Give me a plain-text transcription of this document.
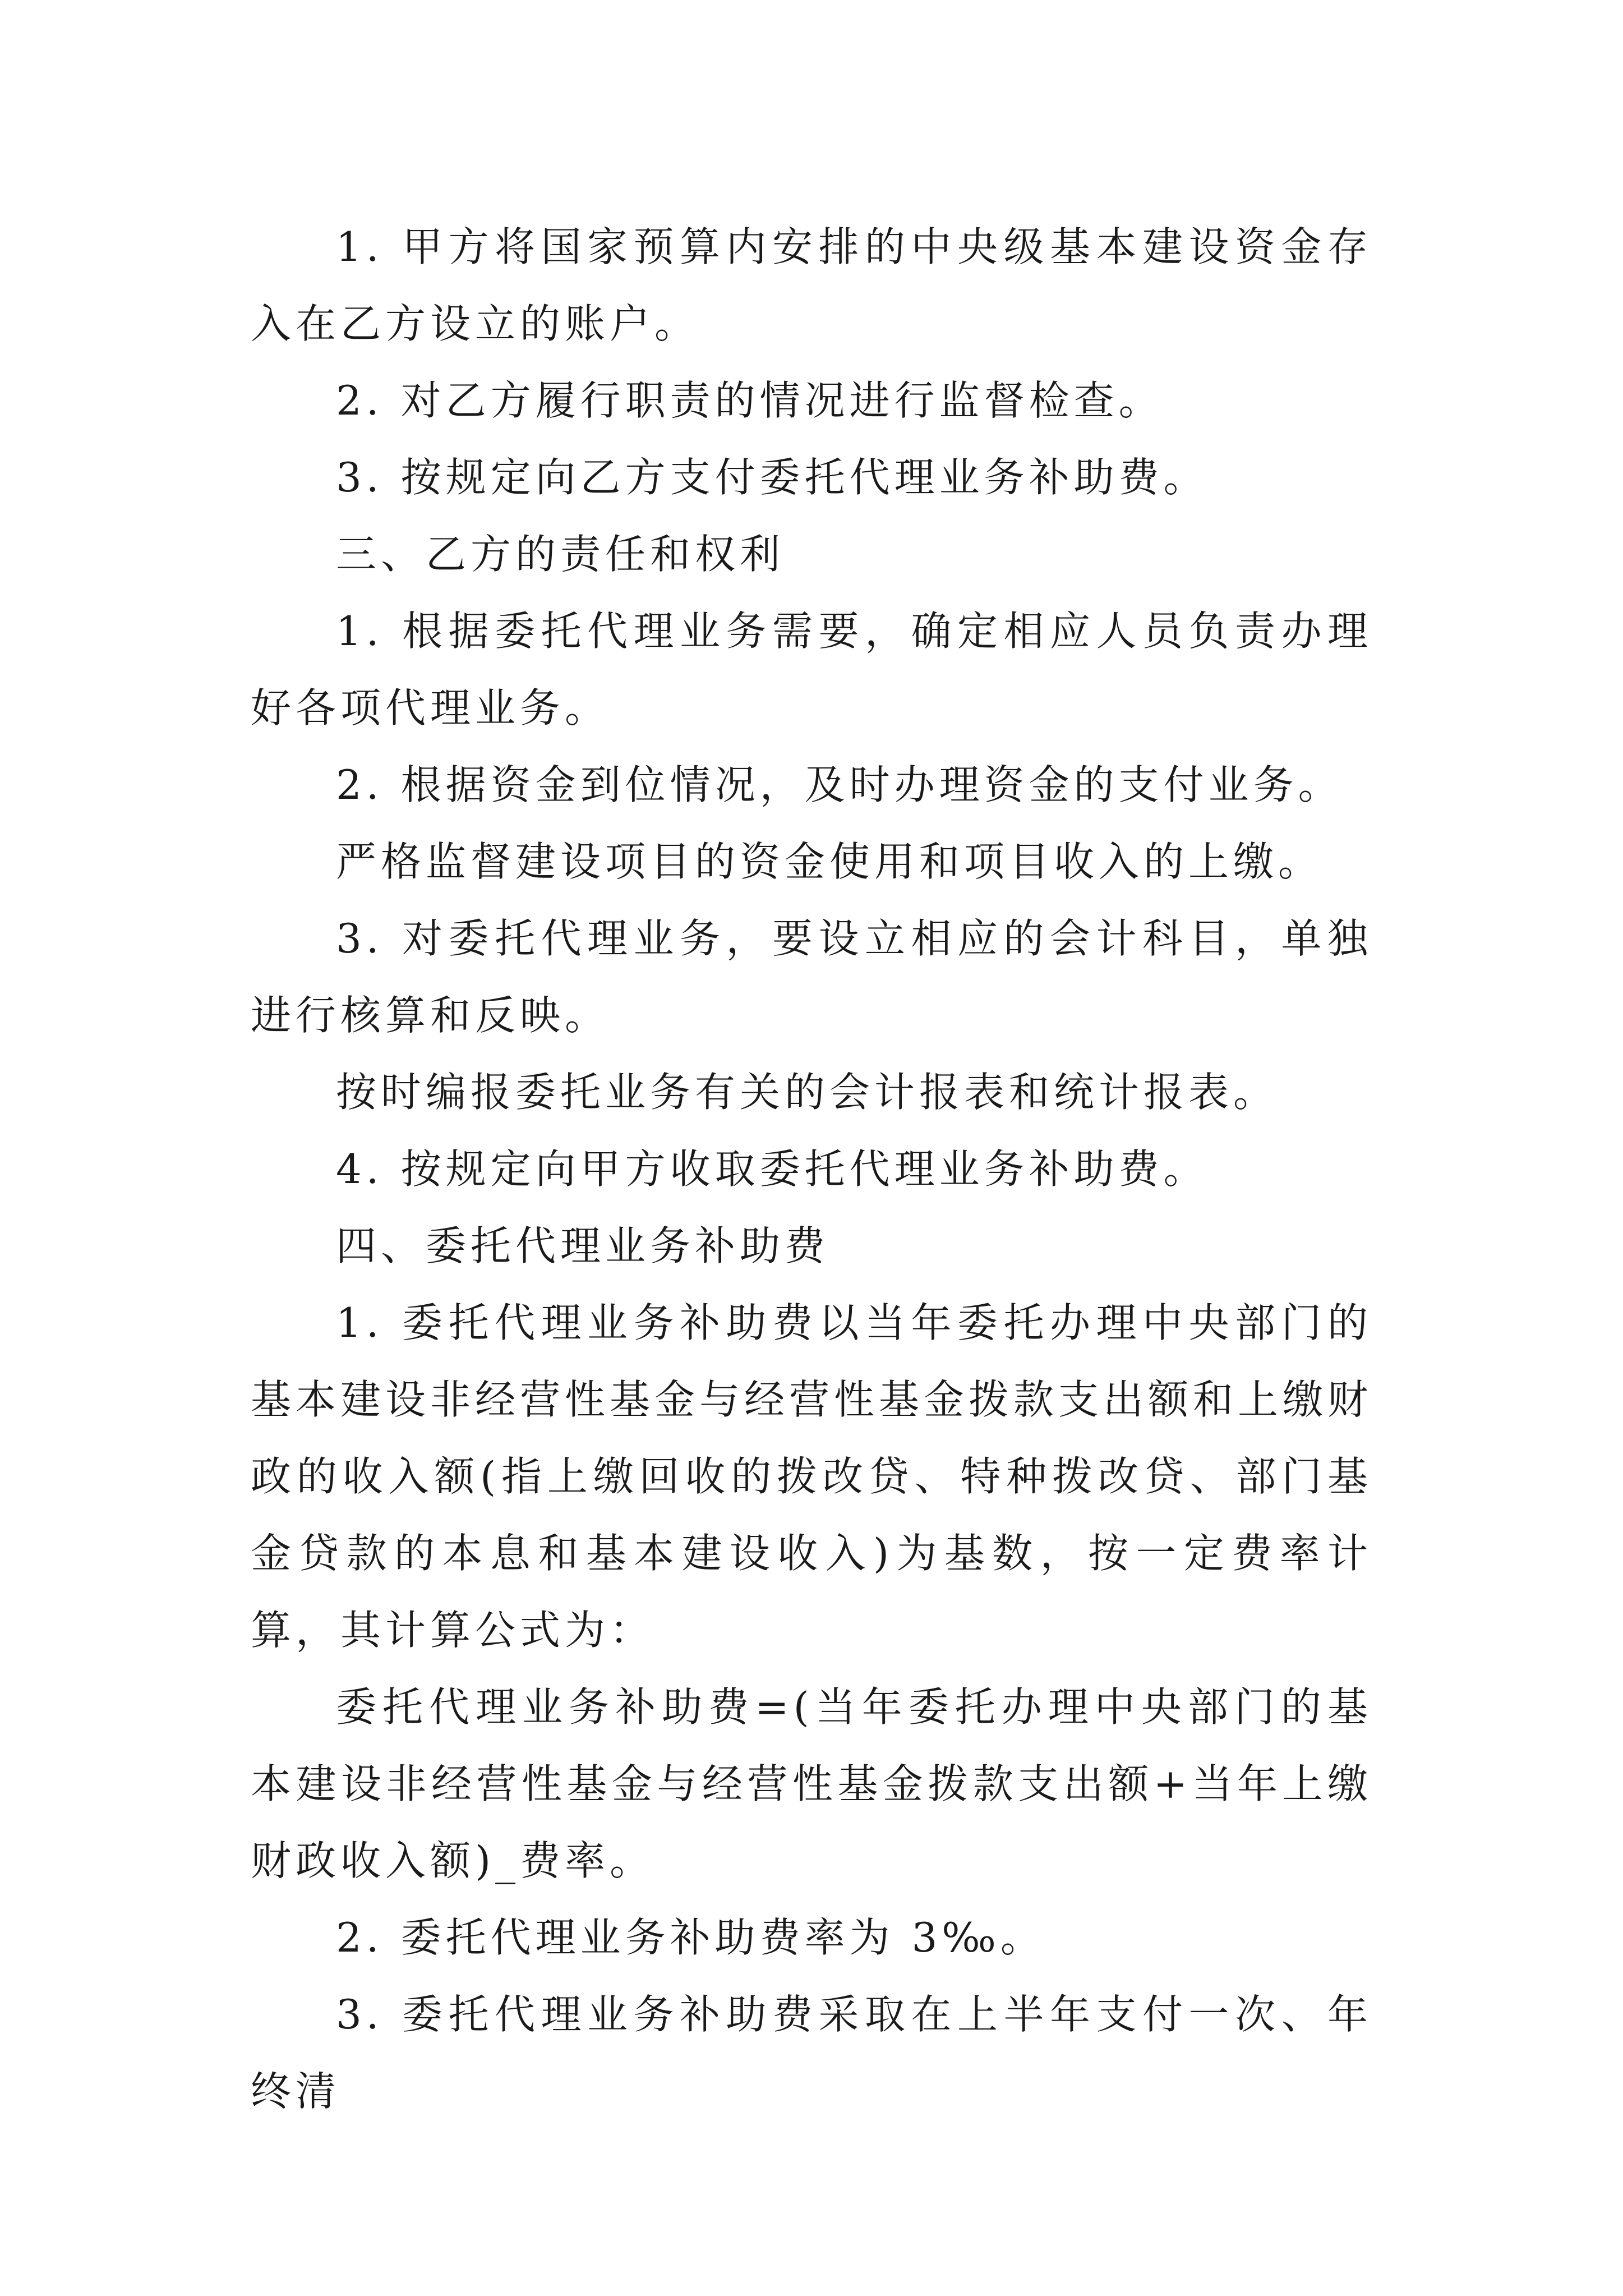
1. 甲方将国家预算内安排的中央级基本建设资金存入在乙方设立的账户。

2. 对乙方履行职责的情况进行监督检查。

3. 按规定向乙方支付委托代理业务补助费。

三、乙方的责任和权利

1. 根据委托代理业务需要，确定相应人员负责办理好各项代理业务。

2. 根据资金到位情况，及时办理资金的支付业务。

严格监督建设项目的资金使用和项目收入的上缴。

3. 对委托代理业务，要设立相应的会计科目，单独进行核算和反映。

按时编报委托业务有关的会计报表和统计报表。

4. 按规定向甲方收取委托代理业务补助费。

四、委托代理业务补助费

1. 委托代理业务补助费以当年委托办理中央部门的基本建设非经营性基金与经营性基金拨款支出额和上缴财政的收入额(指上缴回收的拨改贷、特种拨改贷、部门基金贷款的本息和基本建设收入)为基数，按一定费率计算，其计算公式为：

委托代理业务补助费=(当年委托办理中央部门的基本建设非经营性基金与经营性基金拨款支出额+当年上缴财政收入额)_费率。

2. 委托代理业务补助费率为 3‰。

3. 委托代理业务补助费采取在上半年支付一次、年终清
